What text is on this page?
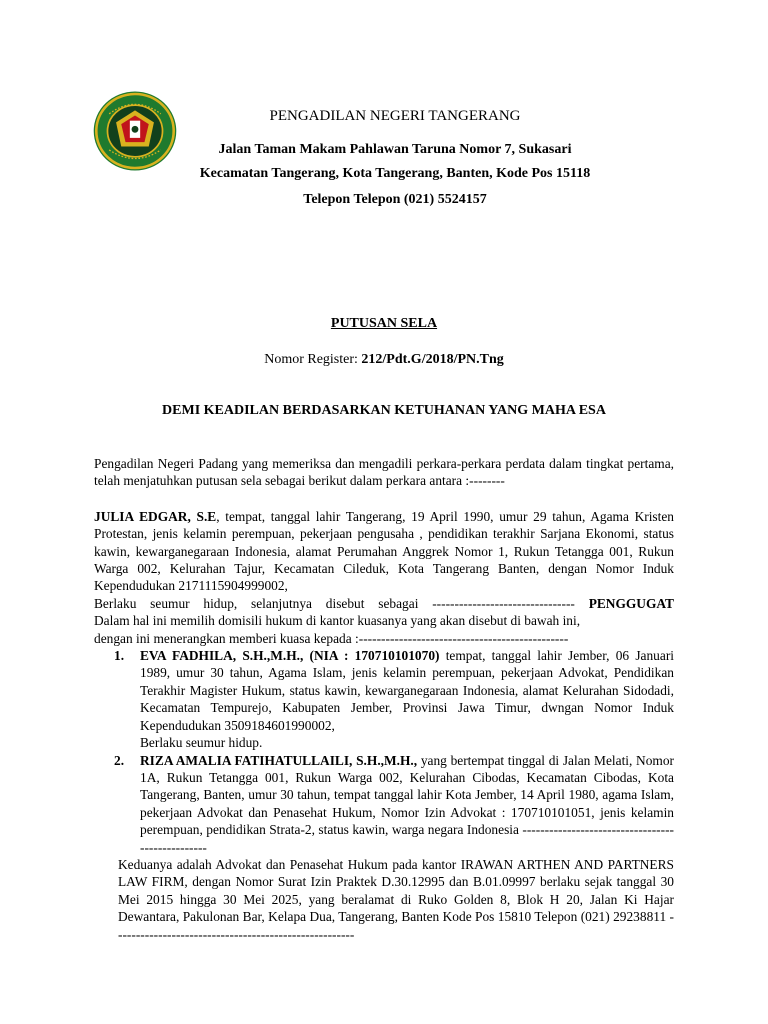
PENGADILAN NEGERI TANGERANG
Jalan Taman Makam Pahlawan Taruna Nomor 7, Sukasari
Kecamatan Tangerang, Kota Tangerang, Banten, Kode Pos 15118
Telepon Telepon (021) 5524157
PUTUSAN SELA
Nomor Register: 212/Pdt.G/2018/PN.Tng
DEMI KEADILAN BERDASARKAN KETUHANAN YANG MAHA ESA

Pengadilan Negeri Padang yang memeriksa dan mengadili perkara-perkara perdata dalam tingkat pertama, telah menjatuhkan putusan sela sebagai berikut dalam perkara antara :--------

JULIA EDGAR, S.E, tempat, tanggal lahir Tangerang, 19 April 1990, umur 29 tahun, Agama Kristen Protestan, jenis kelamin perempuan, pekerjaan pengusaha , pendidikan terakhir Sarjana Ekonomi, status kawin, kewarganegaraan Indonesia, alamat Perumahan Anggrek Nomor 1, Rukun Tetangga 001, Rukun Warga 002, Kelurahan Tajur, Kecamatan Cileduk, Kota Tangerang Banten, dengan Nomor Induk Kependudukan 2171115904999002,

Berlaku seumur hidup, selanjutnya disebut sebagai -------------------------------- PENGGUGAT

Dalam hal ini memilih domisili hukum di kantor kuasanya yang akan disebut di bawah ini,

dengan ini menerangkan memberi kuasa kepada :-----------------------------------------------

1. EVA FADHILA, S.H.,M.H., (NIA : 170710101070) tempat, tanggal lahir Jember, 06 Januari 1989, umur 30 tahun, Agama Islam, jenis kelamin perempuan, pekerjaan Advokat, Pendidikan Terakhir Magister Hukum, status kawin, kewarganegaraan Indonesia, alamat Kelurahan Sidodadi, Kecamatan Tempurejo, Kabupaten Jember, Provinsi Jawa Timur, dwngan Nomor Induk Kependudukan 3509184601990002,
Berlaku seumur hidup.
2. RIZA AMALIA FATIHATULLAILI, S.H.,M.H., yang bertempat tinggal di Jalan Melati, Nomor 1A, Rukun Tetangga 001, Rukun Warga 002, Kelurahan Cibodas, Kecamatan Cibodas, Kota Tangerang, Banten, umur 30 tahun, tempat tanggal lahir Kota Jember, 14 April 1980, agama Islam, pekerjaan Advokat dan Penasehat Hukum, Nomor Izin Advokat : 170710101051, jenis kelamin perempuan, pendidikan Strata-2, status kawin, warga negara Indonesia -------------------------------------------------

Keduanya adalah Advokat dan Penasehat Hukum pada kantor IRAWAN ARTHEN AND PARTNERS LAW FIRM, dengan Nomor Surat Izin Praktek D.30.12995 dan B.01.09997 berlaku sejak tanggal 30 Mei 2015 hingga 30 Mei 2025, yang beralamat di Ruko Golden 8, Blok H 20, Jalan Ki Hajar Dewantara, Pakulonan Bar, Kelapa Dua, Tangerang, Banten Kode Pos 15810 Telepon (021) 29238811 ------------------------------------------------------
